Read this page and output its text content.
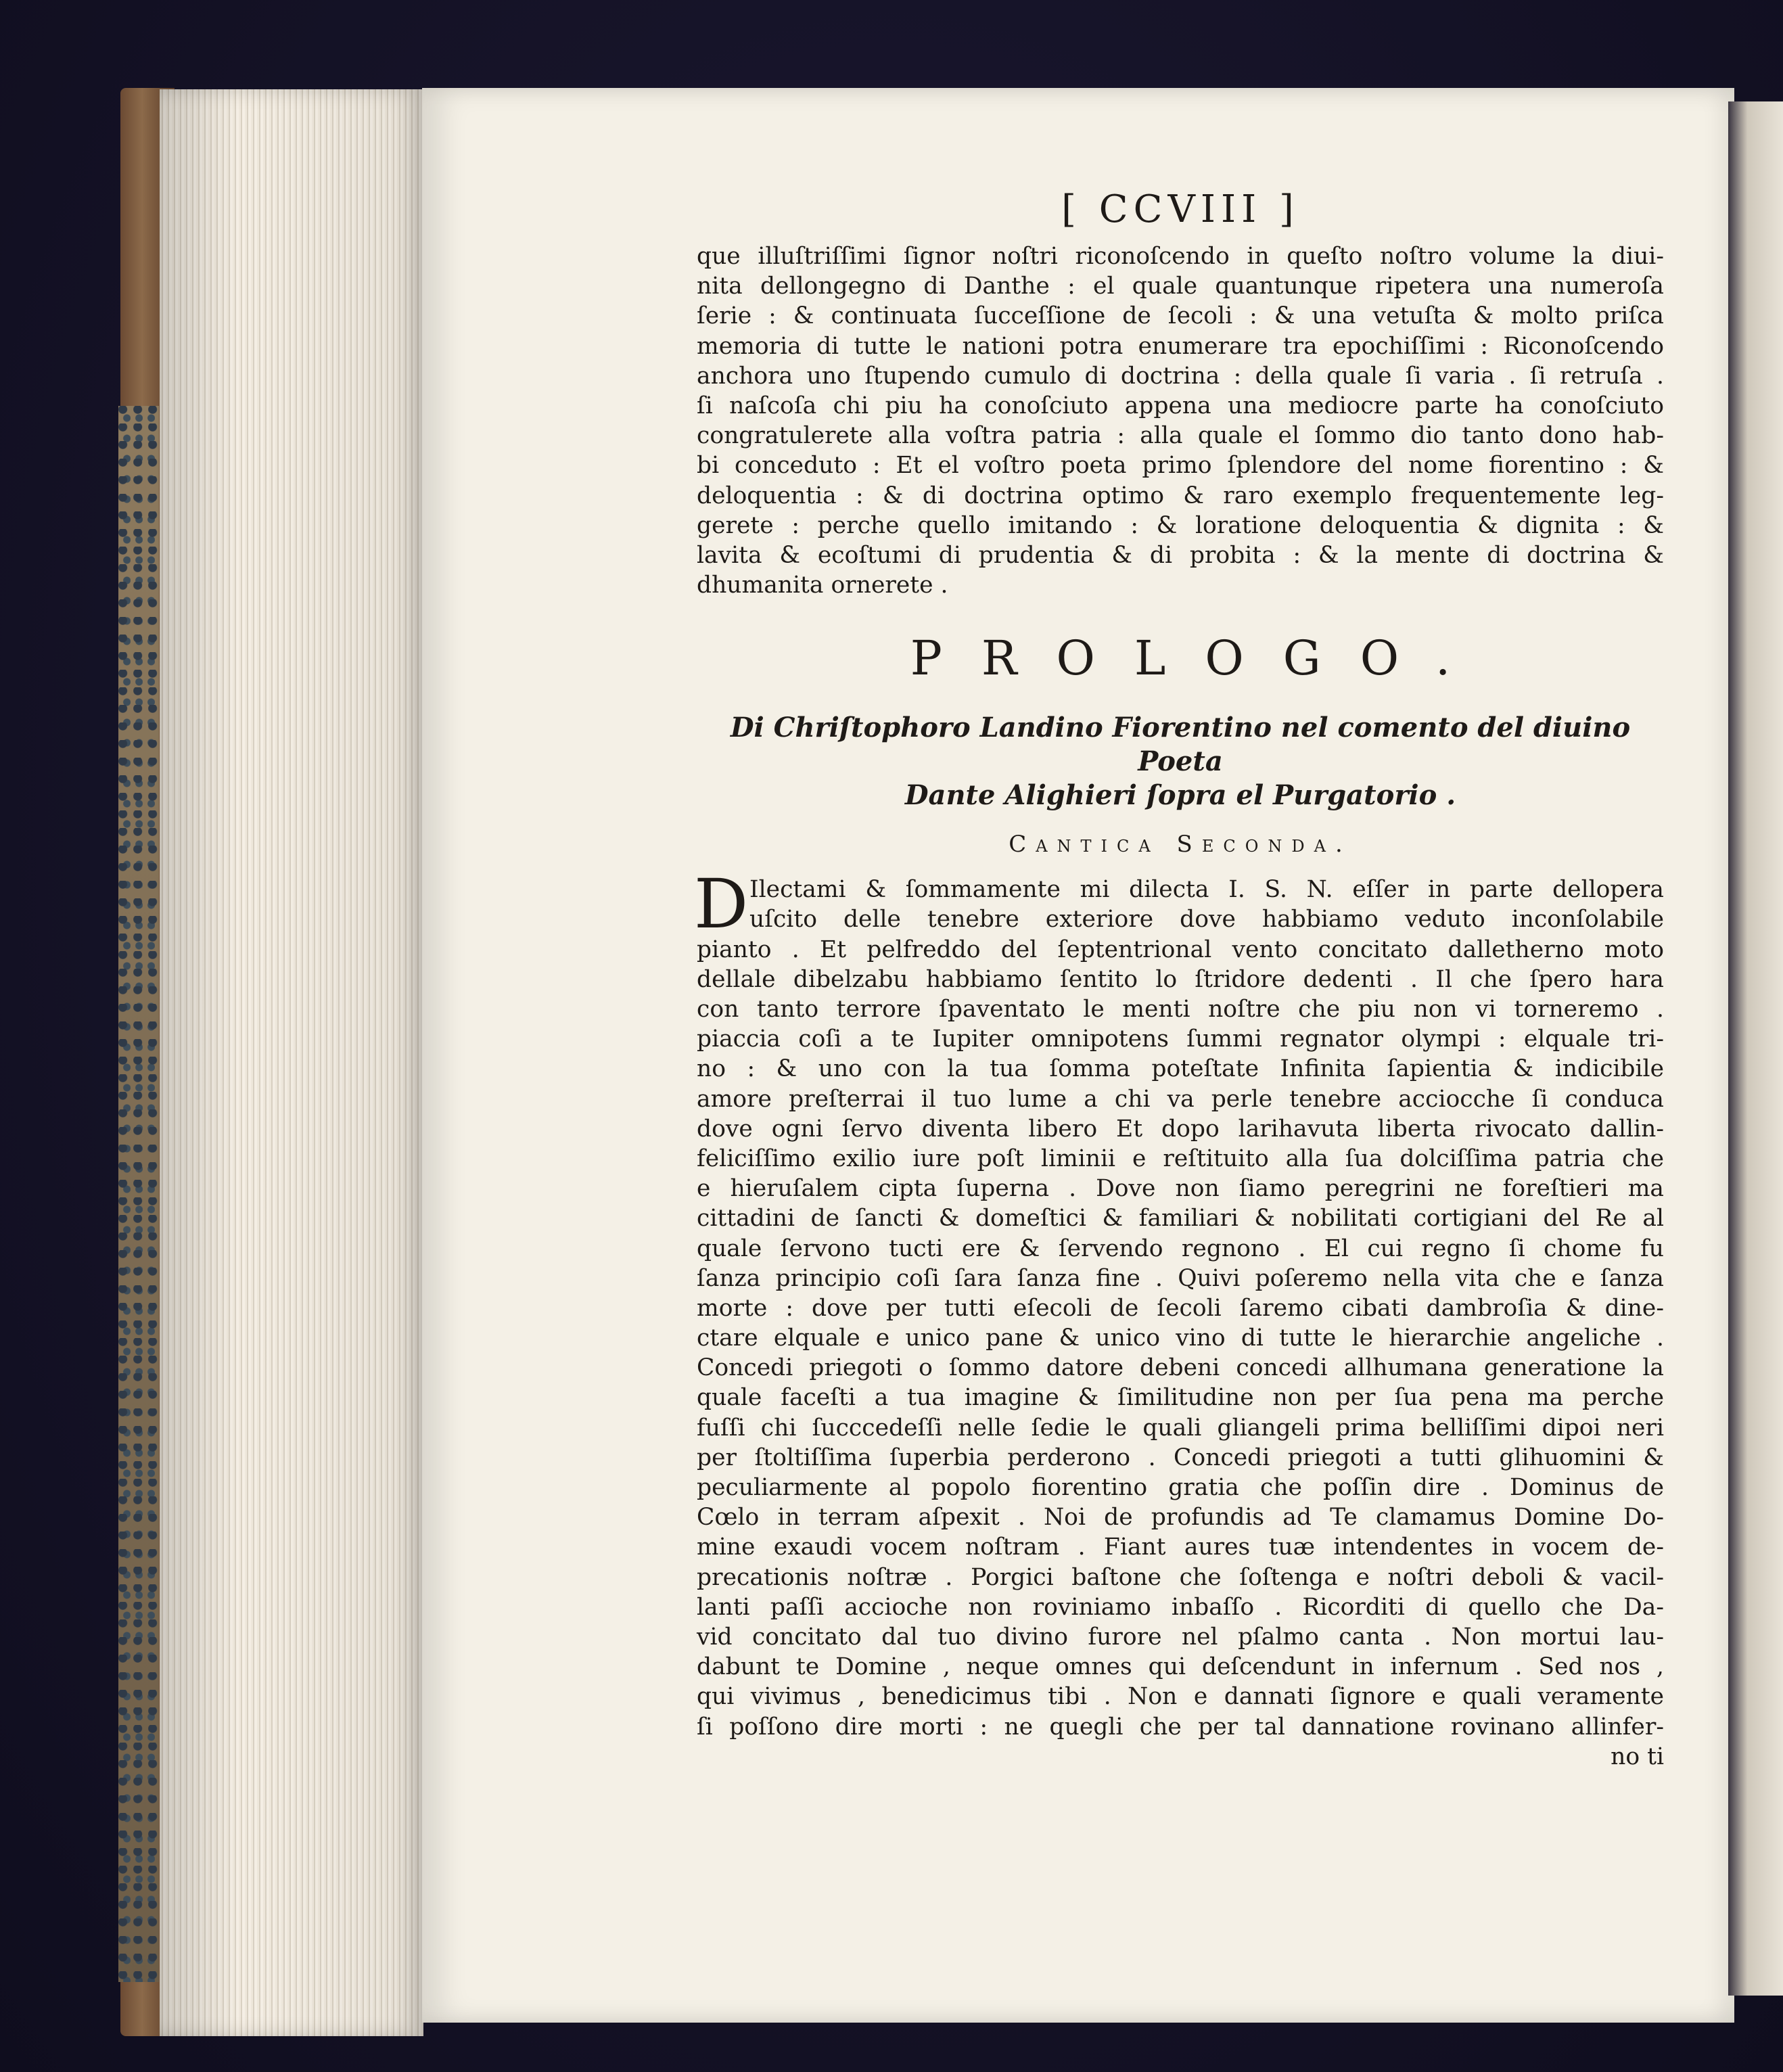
[ CCVIII ]
que illuſtriſſimi ſignor noſtri riconoſcendo in queſto noſtro volume la diui-
nita dellongegno di Danthe : el quale quantunque ripetera una numeroſa
ſerie : & continuata ſucceſſione de ſecoli : & una vetuſta & molto priſca
memoria di tutte le nationi potra enumerare tra epochiſſimi : Riconoſcendo
anchora uno ſtupendo cumulo di doctrina : della quale ſi varia . ſi retruſa .
ſi naſcoſa chi piu ha conoſciuto appena una mediocre parte ha conoſciuto
congratulerete alla voſtra patria : alla quale el ſommo dio tanto dono hab-
bi conceduto : Et el voſtro poeta primo ſplendore del nome fiorentino : &
deloquentia : & di doctrina optimo & raro exemplo frequentemente leg-
gerete : perche quello imitando : & loratione deloquentia & dignita : &
lavita & ecoſtumi di prudentia & di probita : & la mente di doctrina &
dhumanita ornerete .
PROLOGO.
Di Chriſtophoro Landino Fiorentino nel comento del diuino Poeta
Dante Alighieri ſopra el Purgatorio .
Cantica Seconda.
D Ilectami & ſommamente mi dilecta I. S. N. eſſer in parte dellopera
uſcito delle tenebre exteriore dove habbiamo veduto inconſolabile
pianto . Et pelfreddo del ſeptentrional vento concitato dalletherno moto
dellale dibelzabu habbiamo ſentito lo ſtridore dedenti . Il che ſpero hara
con tanto terrore ſpaventato le menti noſtre che piu non vi torneremo .
piaccia coſi a te Iupiter omnipotens ſummi regnator olympi : elquale tri-
no : & uno con la tua ſomma poteſtate Infinita ſapientia & indicibile
amore preſterrai il tuo lume a chi va perle tenebre acciocche ſi conduca
dove ogni ſervo diventa libero Et dopo larihavuta liberta rivocato dallin-
feliciſſimo exilio iure poſt liminii e reſtituito alla ſua dolciſſima patria che
e hieruſalem cipta ſuperna . Dove non ſiamo peregrini ne foreſtieri ma
cittadini de ſancti & domeſtici & familiari & nobilitati cortigiani del Re al
quale ſervono tucti ere & ſervendo regnono . El cui regno ſi chome fu
ſanza principio coſi ſara ſanza fine . Quivi poſeremo nella vita che e ſanza
morte : dove per tutti eſecoli de ſecoli ſaremo cibati dambroſia & dine-
ctare elquale e unico pane & unico vino di tutte le hierarchie angeliche .
Concedi priegoti o ſommo datore debeni concedi allhumana generatione la
quale faceſti a tua imagine & ſimilitudine non per ſua pena ma perche
fuſſi chi ſucccedeſſi nelle ſedie le quali gliangeli prima belliſſimi dipoi neri
per ſtoltiſſima ſuperbia perderono . Concedi priegoti a tutti glihuomini &
peculiarmente al popolo fiorentino gratia che poſſin dire . Dominus de
Cœlo in terram aſpexit . Noi de profundis ad Te clamamus Domine Do-
mine exaudi vocem noſtram . Fiant aures tuæ intendentes in vocem de-
precationis noſtræ . Porgici baſtone che ſoſtenga e noſtri deboli & vacil-
lanti paſſi accioche non roviniamo inbaſſo . Ricorditi di quello che Da-
vid concitato dal tuo divino furore nel pſalmo canta . Non mortui lau-
dabunt te Domine , neque omnes qui deſcendunt in infernum . Sed nos ,
qui vivimus , benedicimus tibi . Non e dannati ſignore e quali veramente
ſi poſſono dire morti : ne quegli che per tal dannatione rovinano allinfer-
no ti
